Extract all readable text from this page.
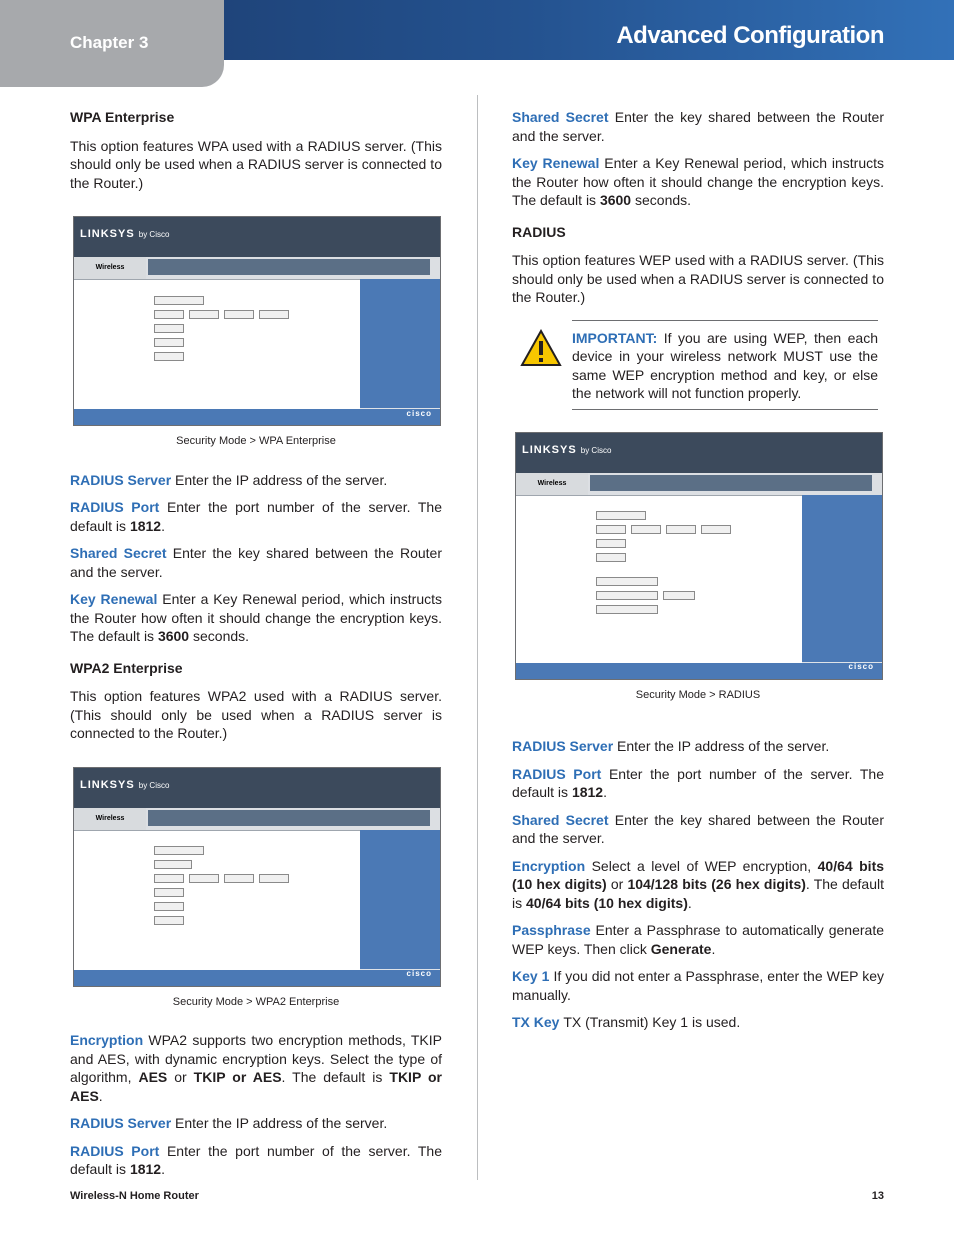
Chapter 3	Advanced Configuration
WPA Enterprise

This option features WPA used with a RADIUS server. (This should only be used when a RADIUS server is connected to the Router.)

LINKSYS by Cisco
Wireless
cisco
Security Mode > WPA Enterprise

RADIUS Server Enter the IP address of the server.

RADIUS Port Enter the port number of the server. The default is 1812.

Shared Secret Enter the key shared between the Router and the server.

Key Renewal Enter a Key Renewal period, which instructs the Router how often it should change the encryption keys. The default is 3600 seconds.

WPA2 Enterprise

This option features WPA2 used with a RADIUS server. (This should only be used when a RADIUS server is connected to the Router.)

LINKSYS by Cisco
Wireless
cisco
Security Mode > WPA2 Enterprise

Encryption WPA2 supports two encryption methods, TKIP and AES, with dynamic encryption keys. Select the type of algorithm, AES or TKIP or AES. The default is TKIP or AES.

RADIUS Server Enter the IP address of the server.

RADIUS Port Enter the port number of the server. The default is 1812.

Shared Secret Enter the key shared between the Router and the server.

Key Renewal Enter a Key Renewal period, which instructs the Router how often it should change the encryption keys. The default is 3600 seconds.

RADIUS

This option features WEP used with a RADIUS server. (This should only be used when a RADIUS server is connected to the Router.)

IMPORTANT: If you are using WEP, then each device in your wireless network MUST use the same WEP encryption method and key, or else the network will not function properly.

LINKSYS by Cisco
Wireless
cisco
Security Mode > RADIUS

RADIUS Server Enter the IP address of the server.

RADIUS Port Enter the port number of the server. The default is 1812.

Shared Secret Enter the key shared between the Router and the server.

Encryption Select a level of WEP encryption, 40/64 bits (10 hex digits) or 104/128 bits (26 hex digits). The default is 40/64 bits (10 hex digits).

Passphrase Enter a Passphrase to automatically generate WEP keys. Then click Generate.

Key 1 If you did not enter a Passphrase, enter the WEP key manually.

TX Key TX (Transmit) Key 1 is used.

Wireless-N Home Router	13
